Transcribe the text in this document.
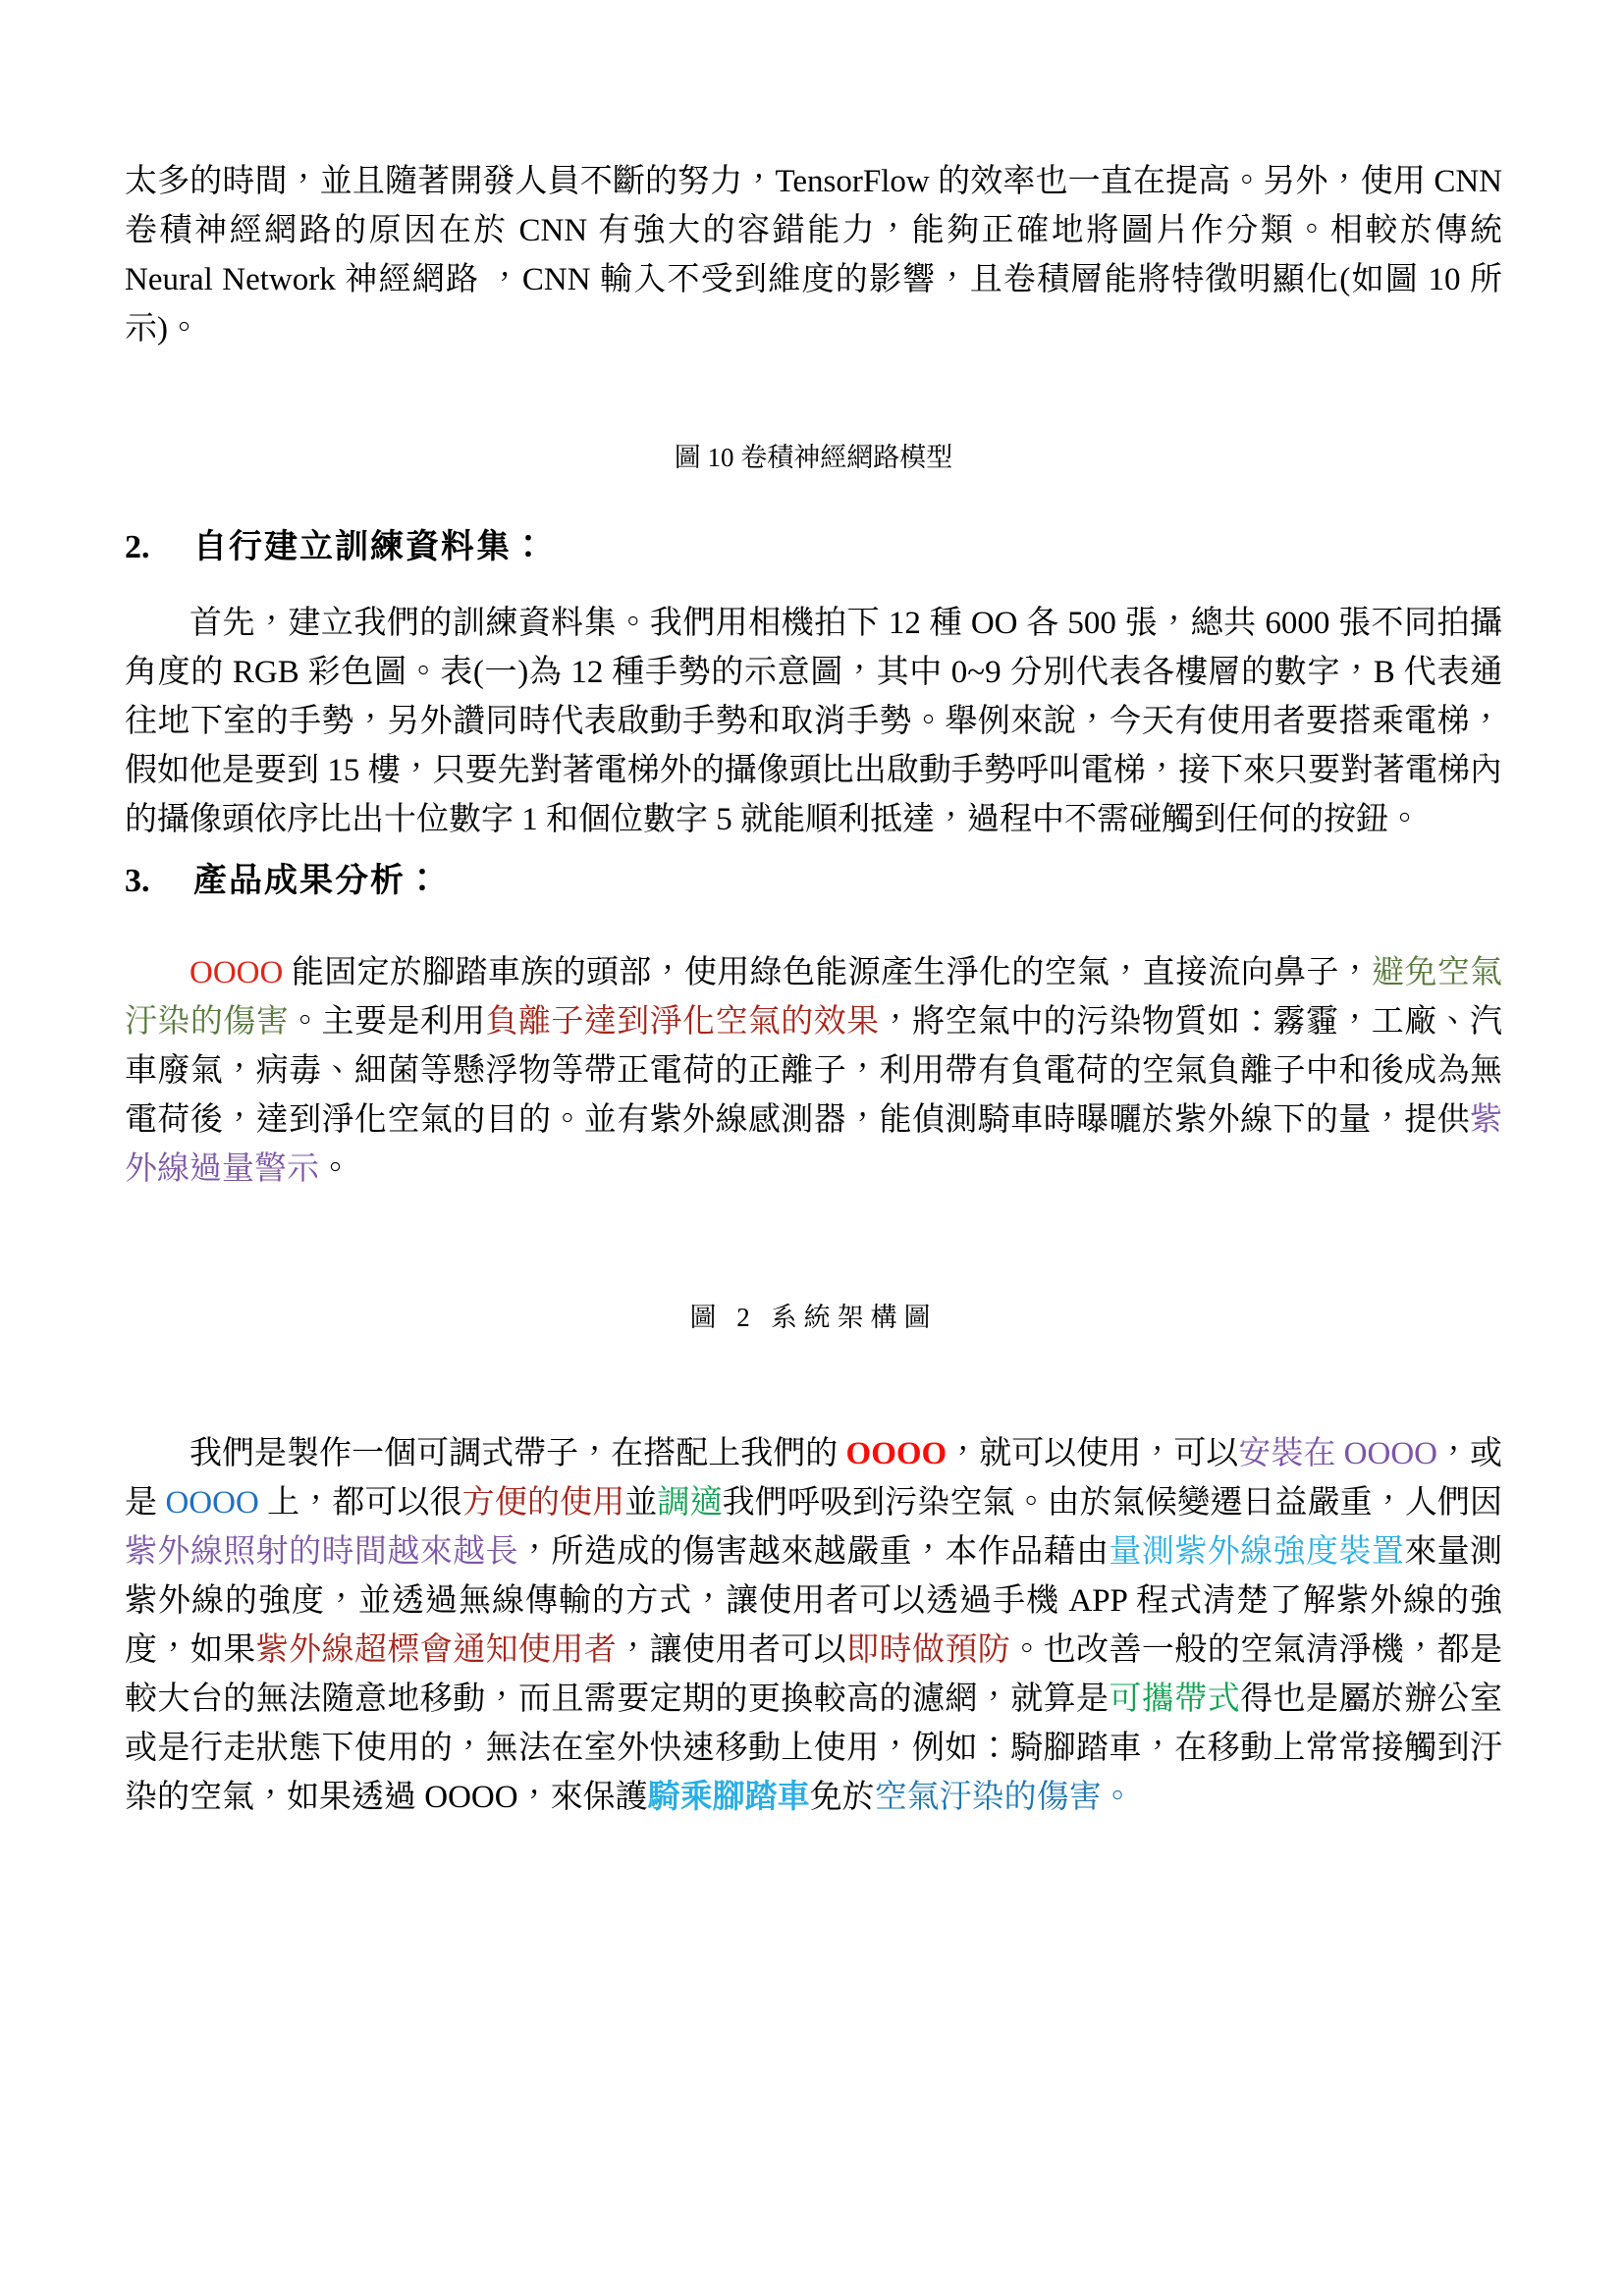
太多的時間，並且隨著開發人員不斷的努力，TensorFlow 的效率也一直在提高。另外，使用 CNN 卷積神經網路的原因在於 CNN 有強大的容錯能力，能夠正確地將圖片作分類。相較於傳統 Neural Network 神經網路 ，CNN 輸入不受到維度的影響，且卷積層能將特徵明顯化(如圖 10 所示)。

圖 10 卷積神經網路模型
2.	自行建立訓練資料集：

首先，建立我們的訓練資料集。我們用相機拍下 12 種 OO 各 500 張，總共 6000 張不同拍攝角度的 RGB 彩色圖。表(一)為 12 種手勢的示意圖，其中 0~9 分別代表各樓層的數字，B 代表通往地下室的手勢，另外讚同時代表啟動手勢和取消手勢。舉例來說，今天有使用者要搭乘電梯，假如他是要到 15 樓，只要先對著電梯外的攝像頭比出啟動手勢呼叫電梯，接下來只要對著電梯內的攝像頭依序比出十位數字 1 和個位數字 5 就能順利抵達，過程中不需碰觸到任何的按鈕。

3.	產品成果分析：

OOOO 能固定於腳踏車族的頭部，使用綠色能源產生淨化的空氣，直接流向鼻子，避免空氣汙染的傷害。主要是利用負離子達到淨化空氣的效果，將空氣中的污染物質如：霧霾，工廠、汽車廢氣，病毒、細菌等懸浮物等帶正電荷的正離子，利用帶有負電荷的空氣負離子中和後成為無電荷後，達到淨化空氣的目的。並有紫外線感測器，能偵測騎車時曝曬於紫外線下的量，提供紫外線過量警示。

圖 2 系統架構圖

我們是製作一個可調式帶子，在搭配上我們的 OOOO，就可以使用，可以安裝在 OOOO，或是 OOOO 上，都可以很方便的使用並調適我們呼吸到污染空氣。由於氣候變遷日益嚴重，人們因紫外線照射的時間越來越長，所造成的傷害越來越嚴重，本作品藉由量測紫外線強度裝置來量測紫外線的強度，並透過無線傳輸的方式，讓使用者可以透過手機 APP 程式清楚了解紫外線的強度，如果紫外線超標會通知使用者，讓使用者可以即時做預防。也改善一般的空氣清淨機，都是較大台的無法隨意地移動，而且需要定期的更換較高的濾網，就算是可攜帶式得也是屬於辦公室或是行走狀態下使用的，無法在室外快速移動上使用，例如：騎腳踏車，在移動上常常接觸到汙染的空氣，如果透過 OOOO，來保護騎乘腳踏車免於空氣汙染的傷害。
